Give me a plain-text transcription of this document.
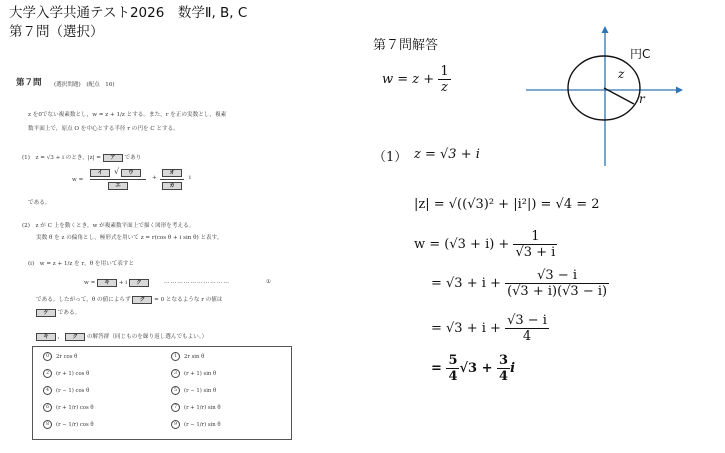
大学入学共通テスト2026　数学Ⅱ, B, C
第７問（選択）
第７問 (選択問題)　(配点　16)
z を0でない複素数とし，w = z + 1/z とする。また，r を正の実数とし，複素
数平面上で，原点 O を中心とする半径 r の円を C とする。
(1)　z = √3 + i のとき，|z| = ア であり
w =
イ	√	ウ
エ
+
オ
カ
i
である。
(2)　z が C 上を動くとき，w が複素数平面上で描く図形を考える。
実数 θ を z の偏角とし，極形式を用いて z = r(cos θ + i sin θ) と表す。
(i)　w = z + 1/z を r，θ を用いて表すと
w = キ + i ク	…………………………	①
である。したがって，θ の値によらず ク = 0 となるような r の値は
ケ である。
キ ， ク の解答群（同じものを繰り返し選んでもよい。）
0 2r cos θ	1 2r sin θ
2 (r + 1) cos θ	3 (r + 1) sin θ
4 (r − 1) cos θ	5 (r − 1) sin θ
6 (r + 1/r) cos θ	7 (r + 1/r) sin θ
8 (r − 1/r) cos θ	9 (r − 1/r) sin θ
第７問解答
$w = z + \frac{1}{z}$
円C
z
r
（1） z = √3 + i
|z| = √((√3)² + |i²|) = √4 = 2
$w = (√3 + i) + \frac{1}{√3 + i}$
= $√3 + i + \frac{√3 - i}{(√3 + i)(√3 - i)}$
= $√3 + i + \frac{√3 - i}{4}$
= $\frac{5}{4} √3 + \frac{3}{4}$ i
